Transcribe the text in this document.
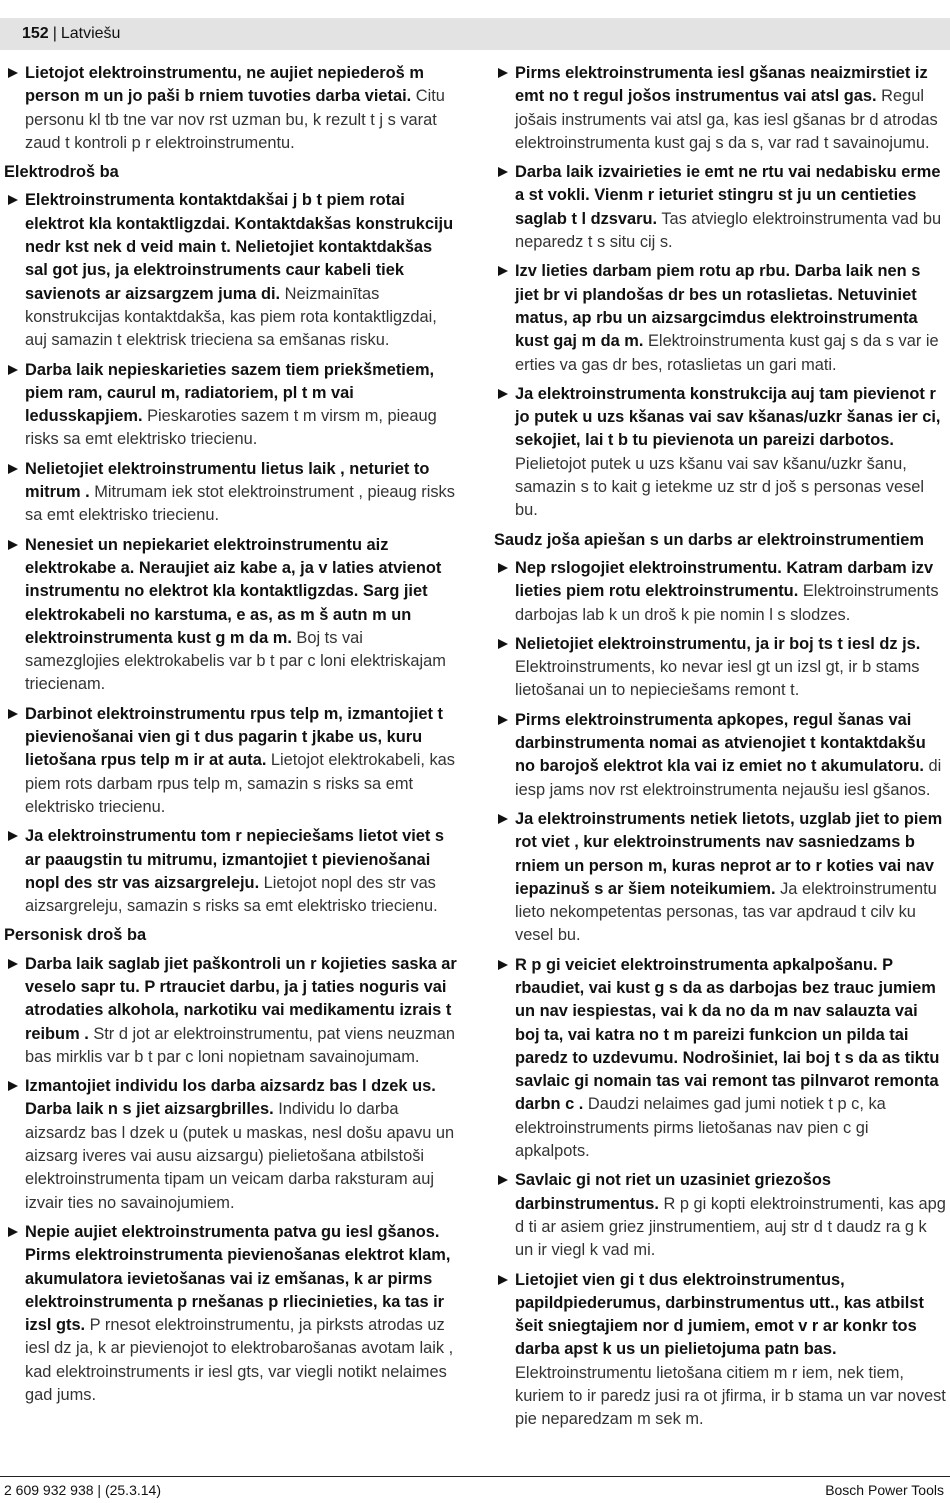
152 | Latviešu
Lietojot elektroinstrumentu, ne aujiet nepiederoš m person m un jo paši b rniem tuvoties darba vietai. Citu personu kl tb tne var nov rst uzman bu, k rezult t j s varat zaud t kontroli p r elektroinstrumentu.
Elektrodroš ba
Elektroinstrumenta kontaktdakšai j b t piem rotai elektrot kla kontaktligzdai. Kontaktdakšas konstrukciju nedr kst nek d veid main t. Nelietojiet kontaktdakšas sal got jus, ja elektroinstruments caur kabeli tiek savienots ar aizsargzem juma di. Neizmainītas konstrukcijas kontaktdakša, kas piem rota kontaktligzdai, auj samazin t elektrisk trieciena sa emšanas risku.
Darba laik nepieskarieties sazem tiem priekšmetiem, piem ram, caurul m, radiatoriem, pl t m vai ledusskapjiem. Pieskaroties sazem t m virsm m, pieaug risks sa emt elektrisko triecienu.
Nelietojiet elektroinstrumentu lietus laik , neturiet to mitrum . Mitrumam iek stot elektroinstrument , pieaug risks sa emt elektrisko triecienu.
Nenesiet un nepiekariet elektroinstrumentu aiz elektrokabe a. Neraujiet aiz kabe a, ja v laties atvienot instrumentu no elektrot kla kontaktligzdas. Sarg jiet elektrokabeli no karstuma, e as, as m š autn m un elektroinstrumenta kust g m da m. Boj ts vai samezglojies elektrokabelis var b t par c loni elektriskajam triecienam.
Darbinot elektroinstrumentu rpus telp m, izmantojiet t pievienošanai vien gi t dus pagarin t jkabe us, kuru lietošana rpus telp m ir at auta. Lietojot elektrokabeli, kas piem rots darbam rpus telp m, samazin s risks sa emt elektrisko triecienu.
Ja elektroinstrumentu tom r nepieciešams lietot viet s ar paaugstin tu mitrumu, izmantojiet t pievienošanai nopl des str vas aizsargreleju. Lietojot nopl des str vas aizsargreleju, samazin s risks sa emt elektrisko triecienu.
Personisk droš ba
Darba laik saglab jiet paškontroli un r kojieties saska ar veselo sapr tu. P rtrauciet darbu, ja j taties noguris vai atrodaties alkohola, narkotiku vai medikamentu izrais t reibum . Str d jot ar elektroinstrumentu, pat viens neuzman bas mirklis var b t par c loni nopietnam savainojumam.
Izmantojiet individu los darba aizsardz bas l dzek us. Darba laik n s jiet aizsargbrilles. Individu lo darba aizsardz bas l dzek u (putek u maskas, nesl došu apavu un aizsarg iveres vai ausu aizsargu) pielietošana atbilstoši elektroinstrumenta tipam un veicam darba raksturam auj izvair ties no savainojumiem.
Nepie aujiet elektroinstrumenta patva gu iesl gšanos. Pirms elektroinstrumenta pievienošanas elektrot klam, akumulatora ievietošanas vai iz emšanas, k ar pirms elektroinstrumenta p rnešanas p rliecinieties, ka tas ir izsl gts. P rnesot elektroinstrumentu, ja pirksts atrodas uz iesl dz ja, k ar pievienojot to elektrobarošanas avotam laik , kad elektroinstruments ir iesl gts, var viegli notikt nelaimes gad jums.
Pirms elektroinstrumenta iesl gšanas neaizmirstiet iz emt no t regul jošos instrumentus vai atsl gas. Regul jošais instruments vai atsl ga, kas iesl gšanas br d atrodas elektroinstrumenta kust gaj s da s, var rad t savainojumu.
Darba laik izvairieties ie emt ne rtu vai nedabisku erme a st vokli. Vienm r ieturiet stingru st ju un centieties saglab t l dzsvaru. Tas atvieglo elektroinstrumenta vad bu neparedz t s situ cij s.
Izv lieties darbam piem rotu ap rbu. Darba laik nen s jiet br vi plandošas dr bes un rotaslietas. Netuviniet matus, ap rbu un aizsargcimdus elektroinstrumenta kust gaj m da m. Elektroinstrumenta kust gaj s da s var ie erties va gas dr bes, rotaslietas un gari mati.
Ja elektroinstrumenta konstrukcija auj tam pievienot r jo putek u uzs kšanas vai sav kšanas/uzkr šanas ier ci, sekojiet, lai t b tu pievienota un pareizi darbotos. Pielietojot putek u uzs kšanu vai sav kšanu/uzkr šanu, samazin s to kait g ietekme uz str d još s personas vesel bu.
Saudz joša apiešan s un darbs ar elektroinstrumentiem
Nep rslogojiet elektroinstrumentu. Katram darbam izv lieties piem rotu elektroinstrumentu. Elektroinstruments darbojas lab k un droš k pie nomin l s slodzes.
Nelietojiet elektroinstrumentu, ja ir boj ts t iesl dz js. Elektroinstruments, ko nevar iesl gt un izsl gt, ir b stams lietošanai un to nepieciešams remont t.
Pirms elektroinstrumenta apkopes, regul šanas vai darbinstrumenta nomai as atvienojiet t kontaktdakšu no barojoš elektrot kla vai iz emiet no t akumulatoru. di iesp jams nov rst elektroinstrumenta nejaušu iesl gšanos.
Ja elektroinstruments netiek lietots, uzglab jiet to piem rot viet , kur elektroinstruments nav sasniedzams b rniem un person m, kuras neprot ar to r koties vai nav iepazinuš s ar šiem noteikumiem. Ja elektroinstrumentu lieto nekompetentas personas, tas var apdraud t cilv ku vesel bu.
R p gi veiciet elektroinstrumenta apkalpošanu. P rbaudiet, vai kust g s da as darbojas bez trauc jumiem un nav iespiestas, vai k da no da m nav salauzta vai boj ta, vai katra no t m pareizi funkcion un pilda tai paredz to uzdevumu. Nodrošiniet, lai boj t s da as tiktu savlaic gi nomain tas vai remont tas pilnvarot remonta darbn c . Daudzi nelaimes gad jumi notiek t p c, ka elektroinstruments pirms lietošanas nav pien c gi apkalpots.
Savlaic gi not riet un uzasiniet griezošos darbinstrumentus. R p gi kopti elektroinstrumenti, kas apg d ti ar asiem griez jinstrumentiem, auj str d t daudz ra g k un ir viegl k vad mi.
Lietojiet vien gi t dus elektroinstrumentus, papildpiederumus, darbinstrumentus utt., kas atbilst šeit sniegtajiem nor d jumiem, emot v r ar konkr tos darba apst k us un pielietojuma patn bas. Elektroinstrumentu lietošana citiem m r iem, nek tiem, kuriem to ir paredz jusi ra ot jfirma, ir b stama un var novest pie neparedzam m sek m.
2 609 932 938 | (25.3.14)	Bosch Power Tools
